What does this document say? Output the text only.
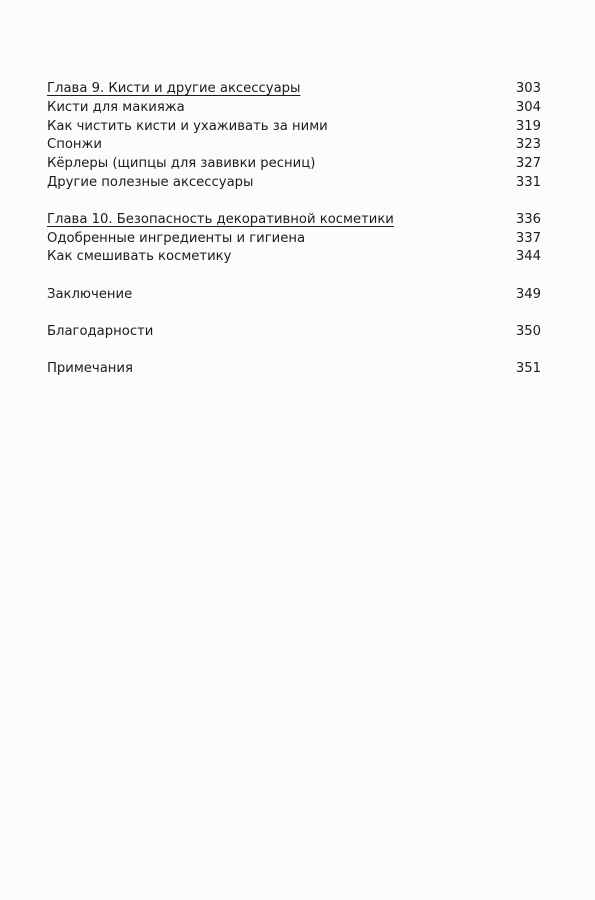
Глава 9. Кисти и другие аксессуары	303
Кисти для макияжа	304
Как чистить кисти и ухаживать за ними	319
Спонжи	323
Кёрлеры (щипцы для завивки ресниц)	327
Другие полезные аксессуары	331
Глава 10. Безопасность декоративной косметики	336
Одобренные ингредиенты и гигиена	337
Как смешивать косметику	344
Заключение	349
Благодарности	350
Примечания	351
